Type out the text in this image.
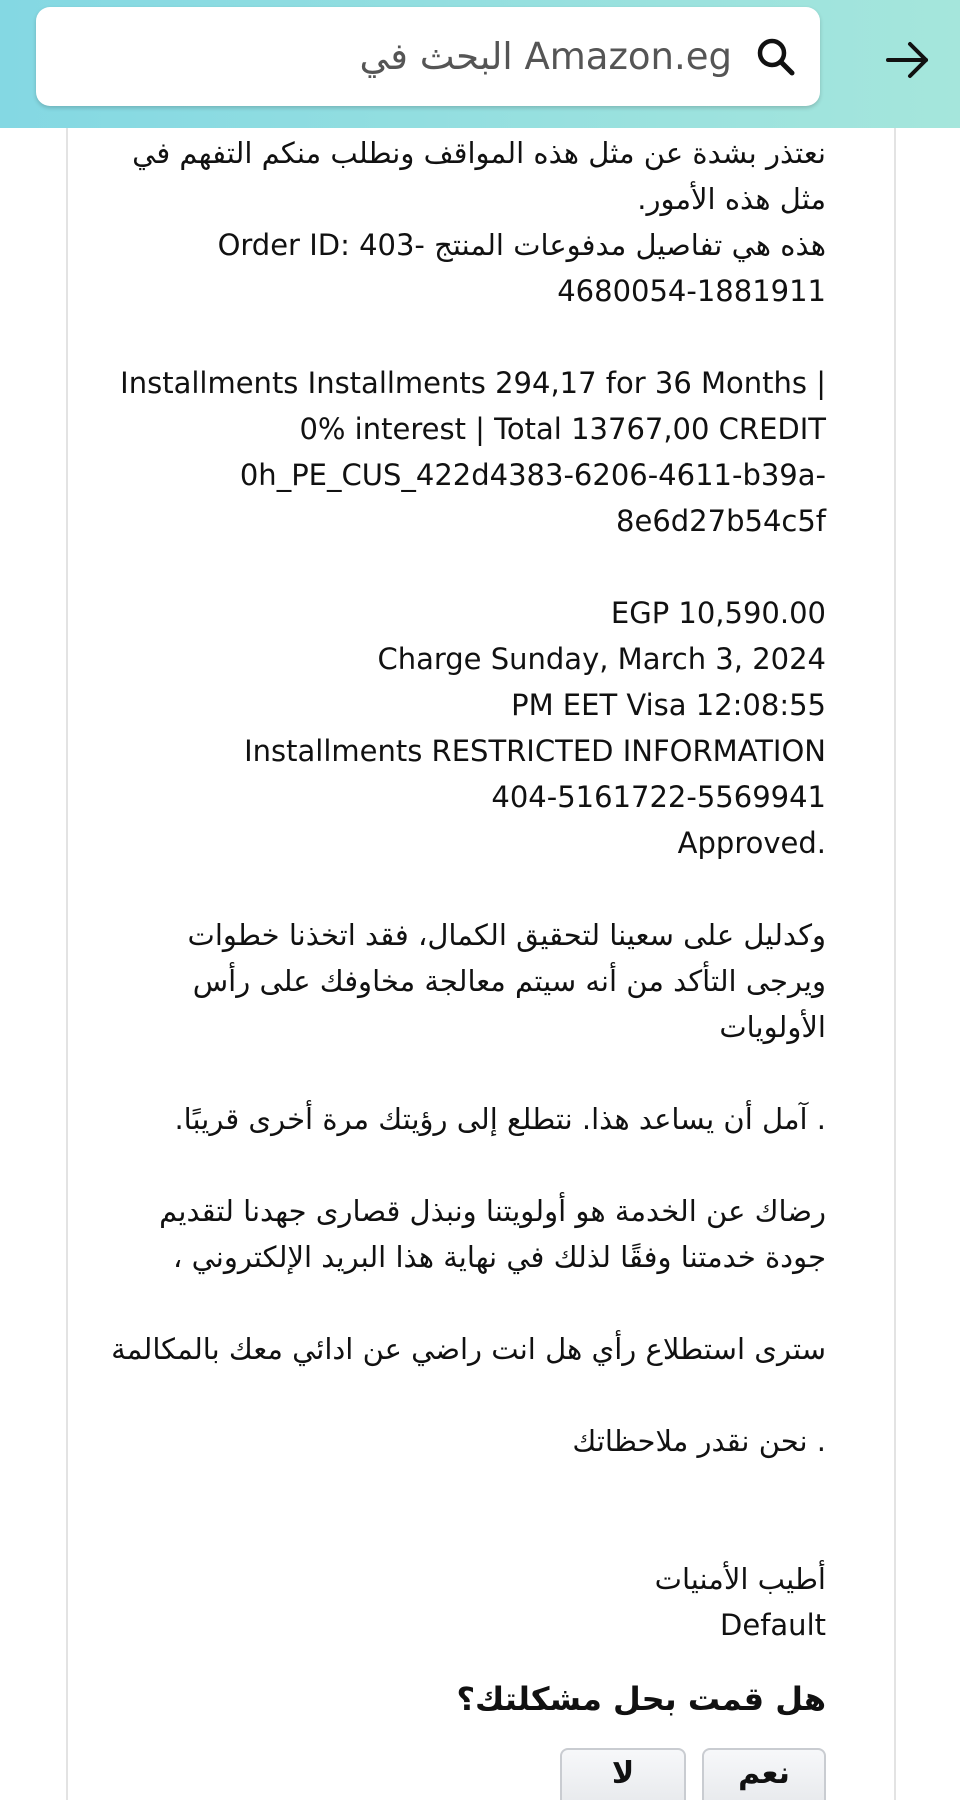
البحث في Amazon.eg

نعتذر بشدة عن مثل هذه المواقف ونطلب منكم التفهم في مثل هذه الأمور.

هذه هي تفاصيل مدفوعات المنتج -Order ID: 403 4680054-1881911

Installments Installments 294,17 for 36 Months | 0% interest | Total 13767,00 CREDIT 0h_PE_CUS_422d4383-6206-4611-b39a-8e6d27b54c5f

EGP 10,590.00

Charge Sunday, March 3, 2024

PM EET Visa 12:08:55

Installments RESTRICTED INFORMATION

404-5161722-5569941

.Approved

وكدليل على سعينا لتحقيق الكمال، فقد اتخذنا خطوات ويرجى التأكد من أنه سيتم معالجة مخاوفك على رأس الأولويات

. آمل أن يساعد هذا. نتطلع إلى رؤيتك مرة أخرى قريبًا.

رضاك عن الخدمة هو أولويتنا ونبذل قصارى جهدنا لتقديم جودة خدمتنا وفقًا لذلك في نهاية هذا البريد الإلكتروني ،

سترى استطلاع رأي هل انت راضي عن ادائي معك بالمكالمة

. نحن نقدر ملاحظاتك

أطيب الأمنيات

Default

هل قمت بحل مشكلتك؟
نعم
لا
